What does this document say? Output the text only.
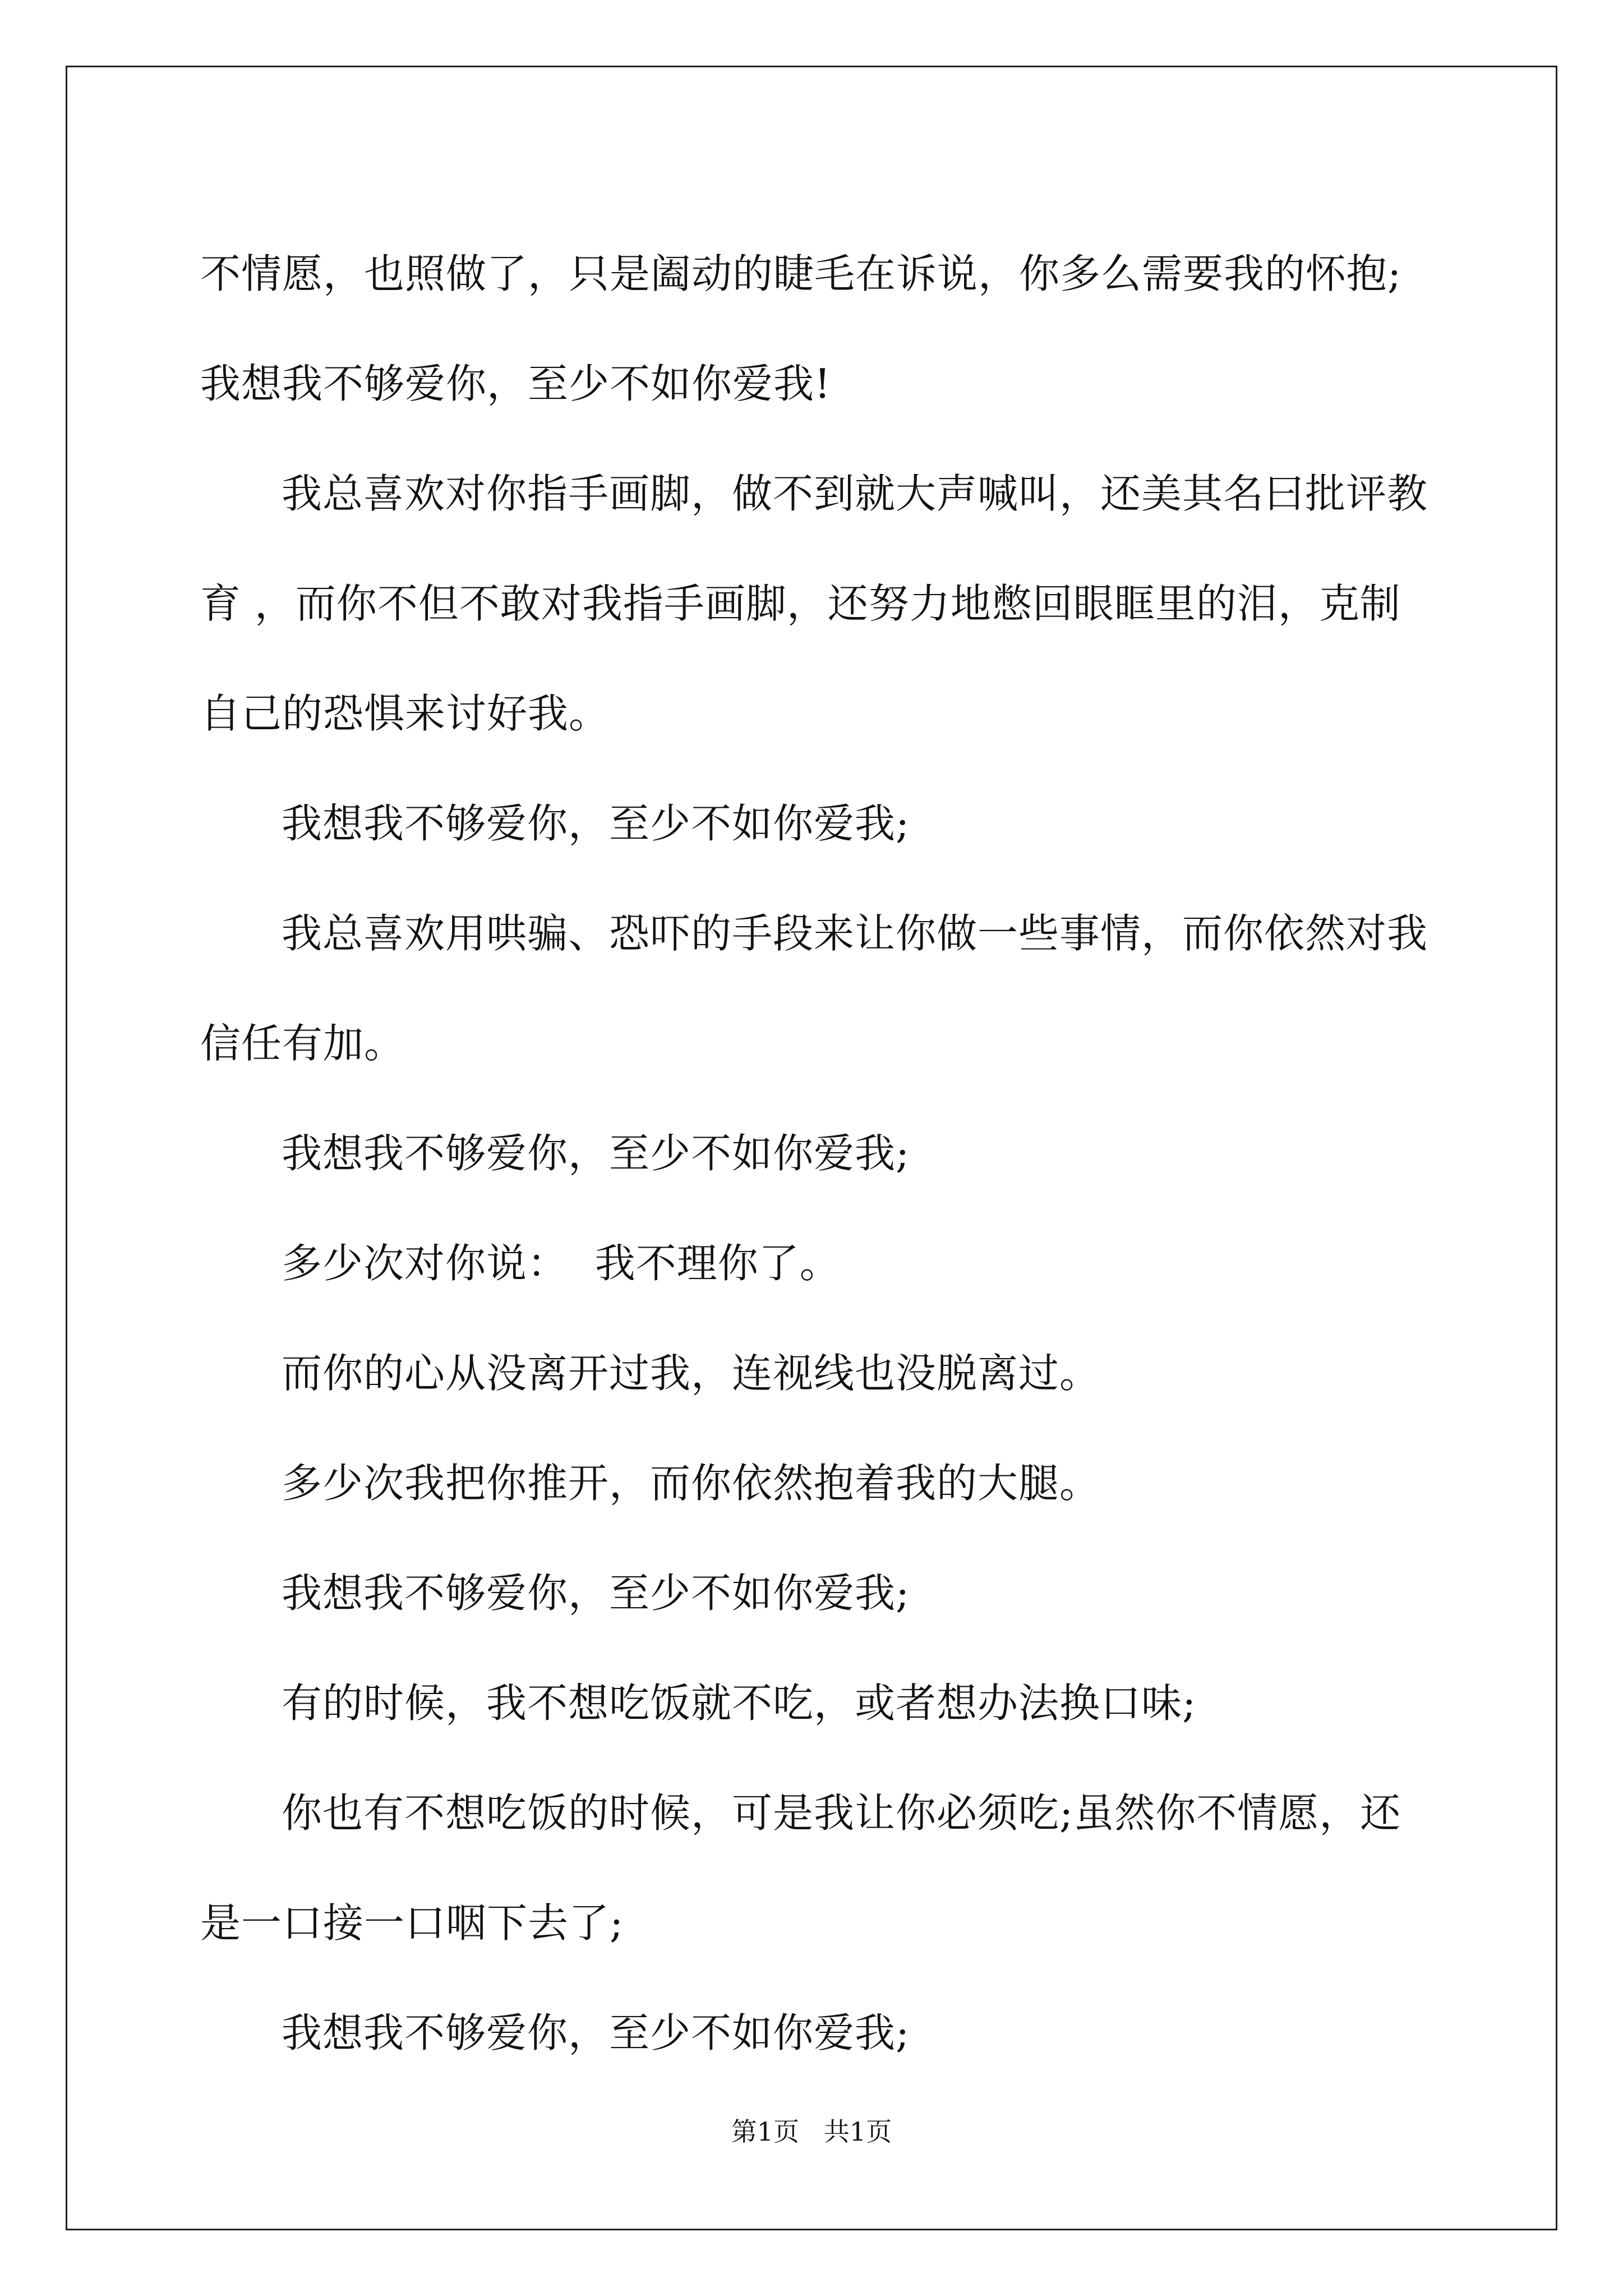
不情愿，也照做了，只是阖动的睫毛在诉说，你多么需要我的怀抱;我想我不够爱你，至少不如你爱我!

我总喜欢对你指手画脚，做不到就大声喊叫，还美其名曰批评教育 ，而你不但不敢对我指手画脚，还努力地憋回眼眶里的泪，克制自己的恐惧来讨好我。

我想我不够爱你，至少不如你爱我;

我总喜欢用哄骗、恐吓的手段来让你做一些事情，而你依然对我信任有加。

我想我不够爱你，至少不如你爱我;

多少次对你说：  我不理你了。

而你的心从没离开过我，连视线也没脱离过。

多少次我把你推开，而你依然抱着我的大腿。

我想我不够爱你，至少不如你爱我;

有的时候，我不想吃饭就不吃，或者想办法换口味;

你也有不想吃饭的时候，可是我让你必须吃;虽然你不情愿，还是一口接一口咽下去了;

我想我不够爱你，至少不如你爱我;

第1页   共1页
